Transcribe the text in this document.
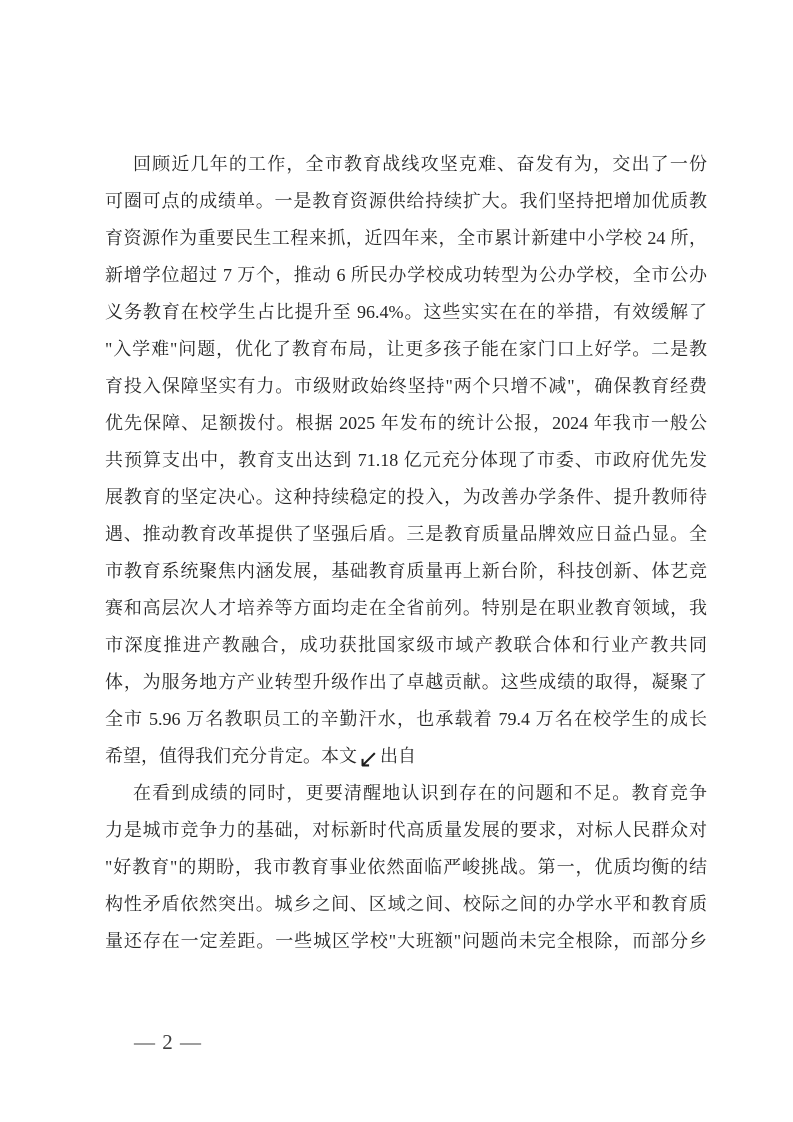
回顾近几年的工作，全市教育战线攻坚克难、奋发有为，交出了一份
可圈可点的成绩单。一是教育资源供给持续扩大。我们坚持把增加优质教
育资源作为重要民生工程来抓，近四年来，全市累计新建中小学校 24 所，
新增学位超过 7 万个，推动 6 所民办学校成功转型为公办学校，全市公办
义务教育在校学生占比提升至 96.4%。这些实实在在的举措，有效缓解了
"入学难"问题，优化了教育布局，让更多孩子能在家门口上好学。二是教
育投入保障坚实有力。市级财政始终坚持"两个只增不减"，确保教育经费
优先保障、足额拨付。根据 2025 年发布的统计公报，2024 年我市一般公
共预算支出中，教育支出达到 71.18 亿元充分体现了市委、市政府优先发
展教育的坚定决心。这种持续稳定的投入，为改善办学条件、提升教师待
遇、推动教育改革提供了坚强后盾。三是教育质量品牌效应日益凸显。全
市教育系统聚焦内涵发展，基础教育质量再上新台阶，科技创新、体艺竞
赛和高层次人才培养等方面均走在全省前列。特别是在职业教育领域，我
市深度推进产教融合，成功获批国家级市域产教联合体和行业产教共同
体，为服务地方产业转型升级作出了卓越贡献。这些成绩的取得，凝聚了
全市 5.96 万名教职员工的辛勤汗水，也承载着 79.4 万名在校学生的成长
希望，值得我们充分肯定。本文↙出自
在看到成绩的同时，更要清醒地认识到存在的问题和不足。教育竞争
力是城市竞争力的基础，对标新时代高质量发展的要求，对标人民群众对
"好教育"的期盼，我市教育事业依然面临严峻挑战。第一，优质均衡的结
构性矛盾依然突出。城乡之间、区域之间、校际之间的办学水平和教育质
量还存在一定差距。一些城区学校"大班额"问题尚未完全根除，而部分乡
— 2 —
